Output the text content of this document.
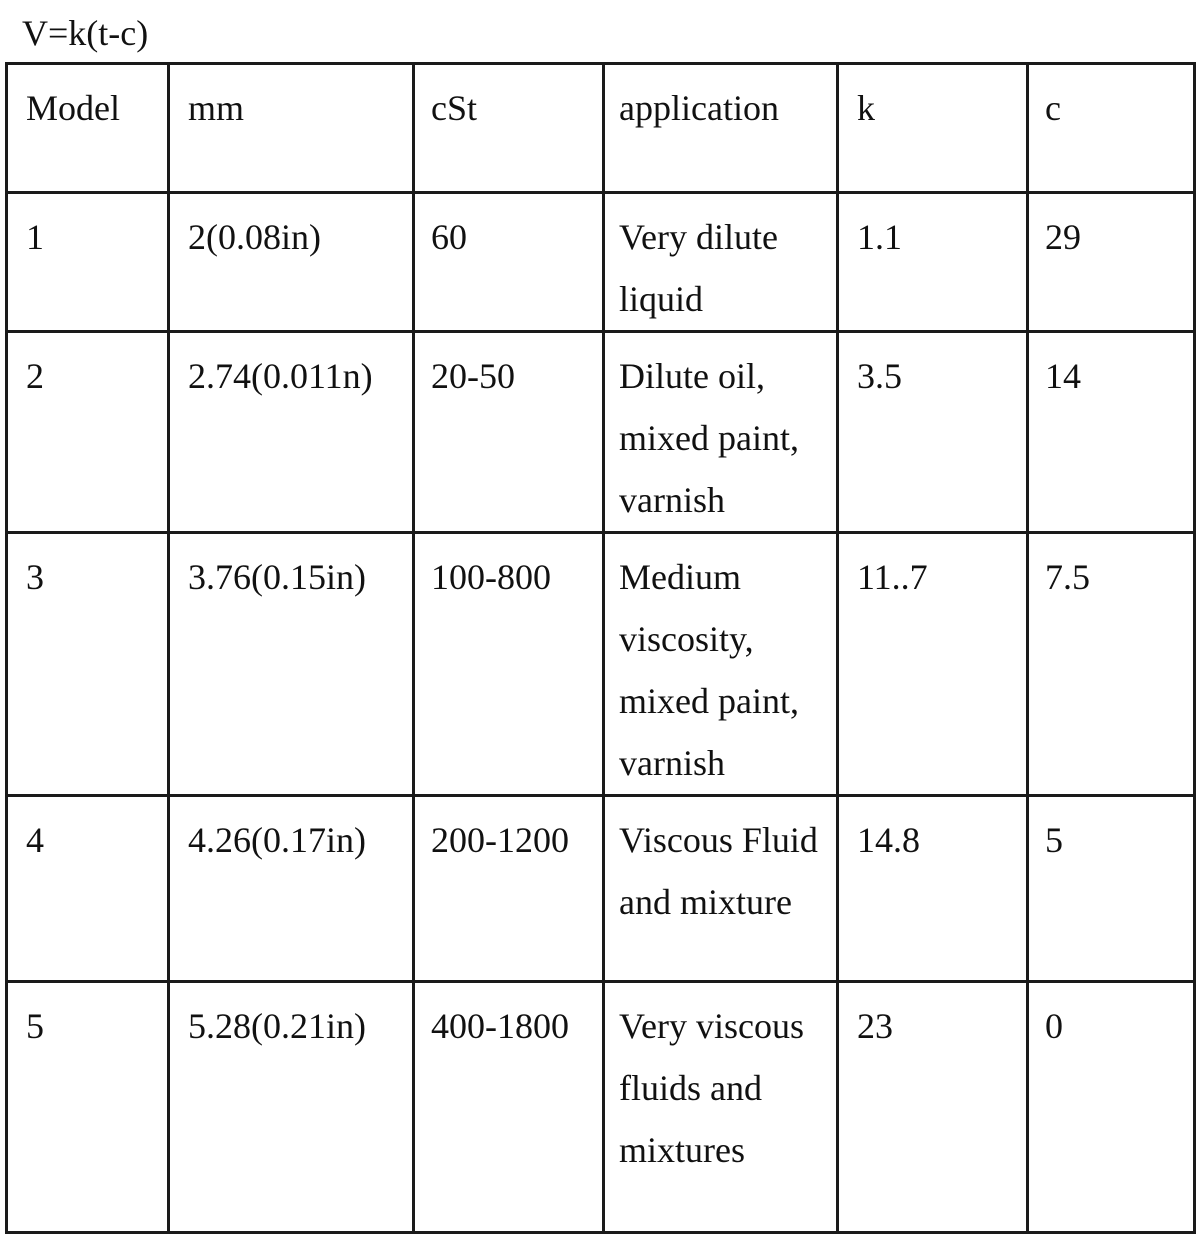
V=k(t-c)
Model	mm	cSt	application	k	c
1	2(0.08in)	60	Very dilute liquid	1.1	29
2	2.74(0.011n)	20-50	Dilute oil, mixed paint, varnish	3.5	14
3	3.76(0.15in)	100-800	Medium viscosity, mixed paint, varnish	11..7	7.5
4	4.26(0.17in)	200-1200	Viscous Fluid and mixture	14.8	5
5	5.28(0.21in)	400-1800	Very viscous fluids and mixtures	23	0
